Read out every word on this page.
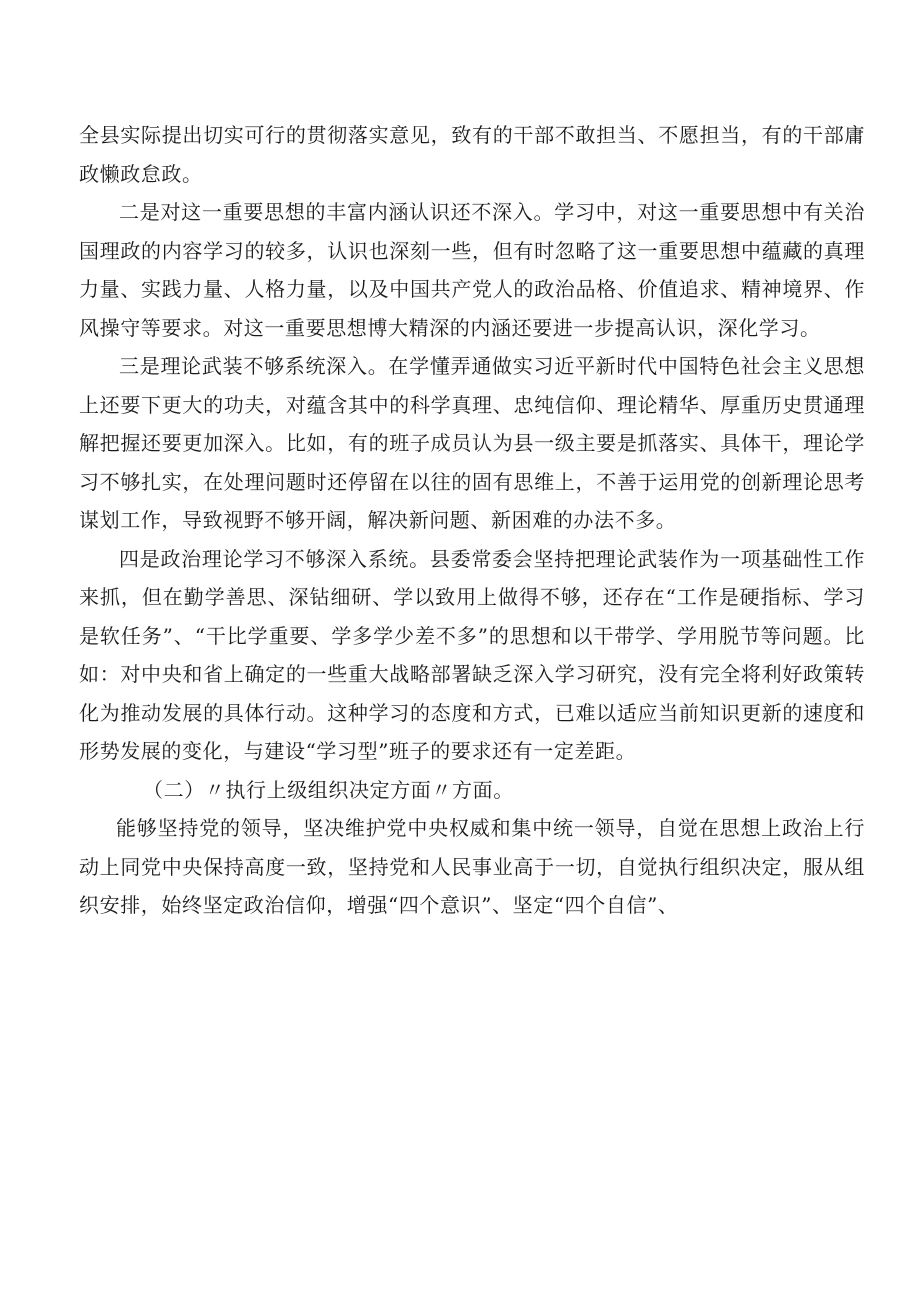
全县实际提出切实可行的贯彻落实意见，致有的干部不敢担当、不愿担当，有的干部庸政懒政怠政。

二是对这一重要思想的丰富内涵认识还不深入。学习中，对这一重要思想中有关治国理政的内容学习的较多，认识也深刻一些，但有时忽略了这一重要思想中蕴藏的真理力量、实践力量、人格力量，以及中国共产党人的政治品格、价值追求、精神境界、作风操守等要求。对这一重要思想博大精深的内涵还要进一步提高认识，深化学习。

三是理论武装不够系统深入。在学懂弄通做实习近平新时代中国特色社会主义思想上还要下更大的功夫，对蕴含其中的科学真理、忠纯信仰、理论精华、厚重历史贯通理解把握还要更加深入。比如，有的班子成员认为县一级主要是抓落实、具体干，理论学习不够扎实，在处理问题时还停留在以往的固有思维上，不善于运用党的创新理论思考谋划工作，导致视野不够开阔，解决新问题、新困难的办法不多。

四是政治理论学习不够深入系统。县委常委会坚持把理论武装作为一项基础性工作来抓，但在勤学善思、深钻细研、学以致用上做得不够，还存在“工作是硬指标、学习是软任务”、“干比学重要、学多学少差不多”的思想和以干带学、学用脱节等问题。比如：对中央和省上确定的一些重大战略部署缺乏深入学习研究，没有完全将利好政策转化为推动发展的具体行动。这种学习的态度和方式，已难以适应当前知识更新的速度和形势发展的变化，与建设“学习型”班子的要求还有一定差距。

（二）〃执行上级组织决定方面〃方面。

能够坚持党的领导，坚决维护党中央权威和集中统一领导，自觉在思想上政治上行动上同党中央保持高度一致，坚持党和人民事业高于一切，自觉执行组织决定，服从组织安排，始终坚定政治信仰，增强“四个意识”、坚定“四个自信”、
